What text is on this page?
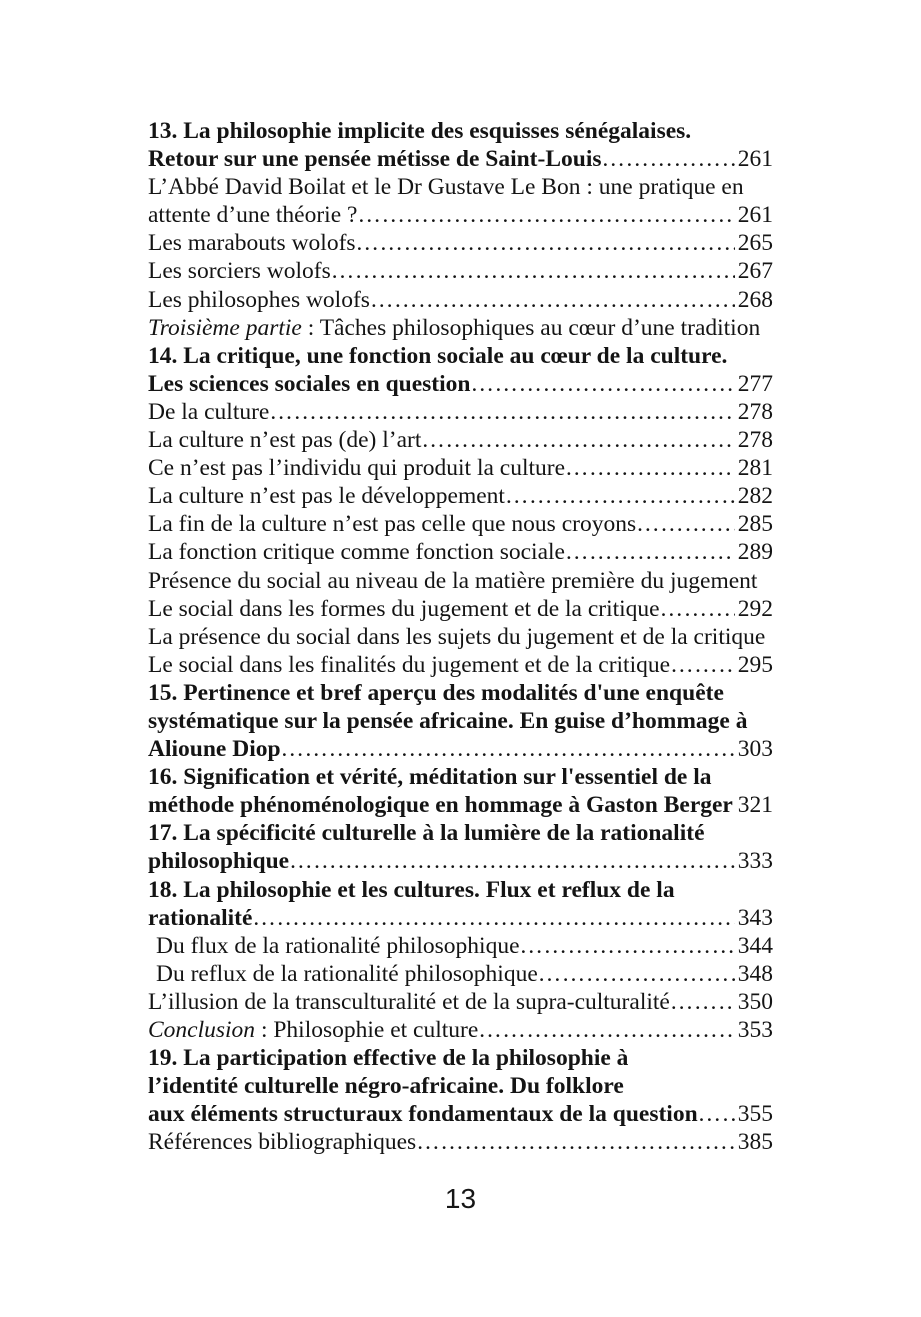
13. La philosophie implicite des esquisses sénégalaises.
Retour sur une pensée métisse de Saint-Louis ……………………………………………………………………………………………………………………	261
L’Abbé David Boilat et le Dr Gustave Le Bon : une pratique en
attente d’une théorie ? ……………………………………………………………………………………………………………………	261
Les marabouts wolofs ……………………………………………………………………………………………………………………	265
Les sorciers wolofs ……………………………………………………………………………………………………………………	267
Les philosophes wolofs ……………………………………………………………………………………………………………………	268
Troisième partie : Tâches philosophiques au cœur d’une tradition
14. La critique, une fonction sociale au cœur de la culture.
Les sciences sociales en question ……………………………………………………………………………………………………………………	277
De la culture ……………………………………………………………………………………………………………………	278
La culture n’est pas (de) l’art ……………………………………………………………………………………………………………………	278
Ce n’est pas l’individu qui produit la culture ……………………………………………………………………………………………………………………	281
La culture n’est pas le développement ……………………………………………………………………………………………………………………	282
La fin de la culture n’est pas celle que nous croyons ……………………………………………………………………………………………………………………	285
La fonction critique comme fonction sociale ……………………………………………………………………………………………………………………	289
Présence du social au niveau de la matière première du jugement
Le social dans les formes du jugement et de la critique ……………………………………………………………………………………………………………………	292
La présence du social dans les sujets du jugement et de la critique
Le social dans les finalités du jugement et de la critique ……………………………………………………………………………………………………………………	295
15. Pertinence et bref aperçu des modalités d'une enquête
systématique sur la pensée africaine. En guise d’hommage à
Alioune Diop ……………………………………………………………………………………………………………………	303
16. Signification et vérité, méditation sur l'essentiel de la
méthode phénoménologique en hommage à Gaston Berger …………………………………………………………………………………………………………………… 321
17. La spécificité culturelle à la lumière de la rationalité
philosophique ……………………………………………………………………………………………………………………	333
18. La philosophie et les cultures. Flux et reflux de la
rationalité ……………………………………………………………………………………………………………………	343
Du flux de la rationalité philosophique ……………………………………………………………………………………………………………………	344
Du reflux de la rationalité philosophique ……………………………………………………………………………………………………………………	348
L’illusion de la transculturalité et de la supra-culturalité ……………………………………………………………………………………………………………………	350
Conclusion : Philosophie et culture ……………………………………………………………………………………………………………………	353
19. La participation effective de la philosophie à
l’identité culturelle négro-africaine. Du folklore
aux éléments structuraux fondamentaux de la question …………………………………………………………………………………………………………………… 355
Références bibliographiques ……………………………………………………………………………………………………………………	385
13
